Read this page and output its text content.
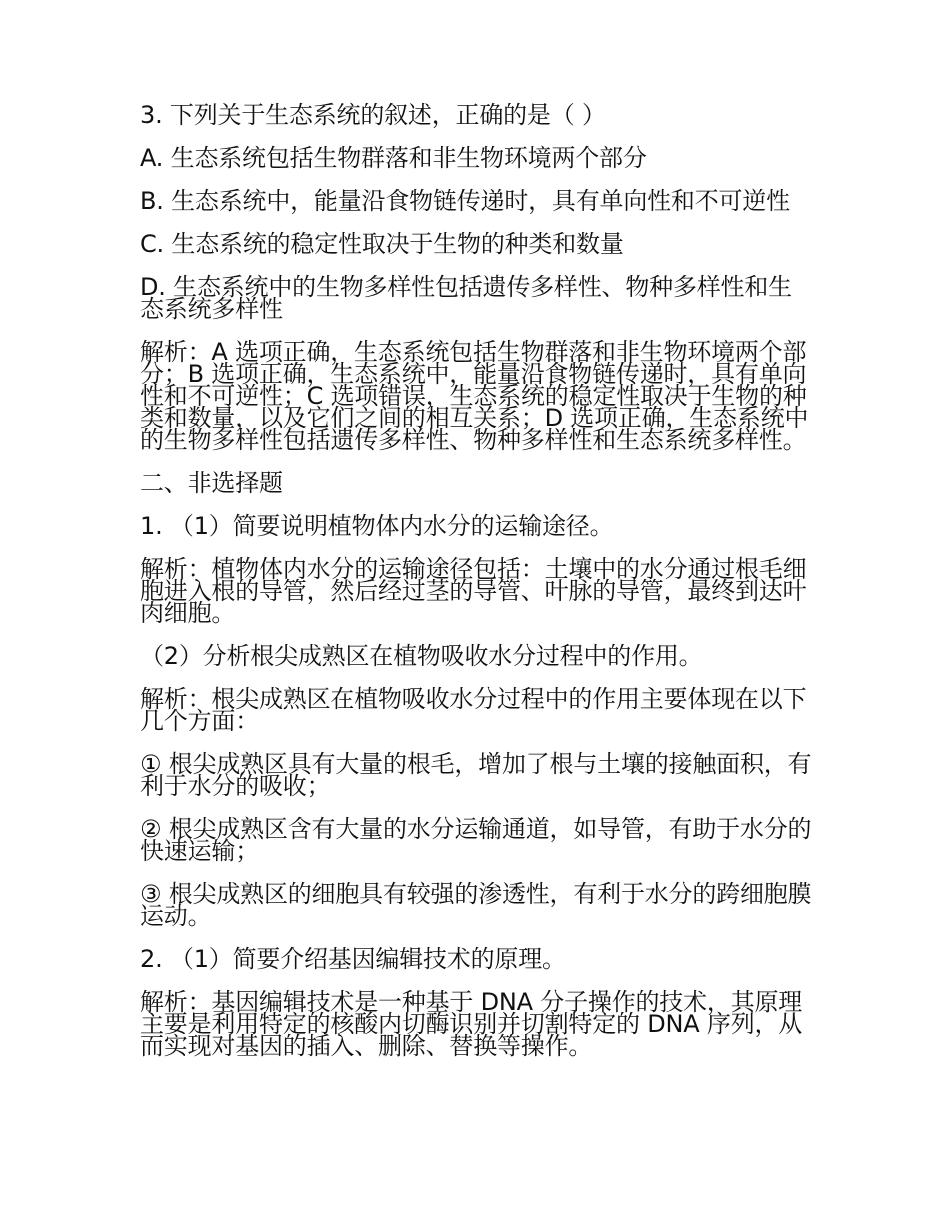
3. 下列关于生态系统的叙述，正确的是（ ）

A. 生态系统包括生物群落和非生物环境两个部分

B. 生态系统中，能量沿食物链传递时，具有单向性和不可逆性

C. 生态系统的稳定性取决于生物的种类和数量

D. 生态系统中的生物多样性包括遗传多样性、物种多样性和生态系统多样性

解析：A 选项正确，生态系统包括生物群落和非生物环境两个部分；B 选项正确，生态系统中，能量沿食物链传递时，具有单向性和不可逆性；C 选项错误，生态系统的稳定性取决于生物的种类和数量，以及它们之间的相互关系；D 选项正确，生态系统中的生物多样性包括遗传多样性、物种多样性和生态系统多样性。

二、非选择题

1. （1）简要说明植物体内水分的运输途径。

解析：植物体内水分的运输途径包括：土壤中的水分通过根毛细胞进入根的导管，然后经过茎的导管、叶脉的导管，最终到达叶肉细胞。

（2）分析根尖成熟区在植物吸收水分过程中的作用。

解析：根尖成熟区在植物吸收水分过程中的作用主要体现在以下几个方面：

① 根尖成熟区具有大量的根毛，增加了根与土壤的接触面积，有利于水分的吸收；

② 根尖成熟区含有大量的水分运输通道，如导管，有助于水分的快速运输；

③ 根尖成熟区的细胞具有较强的渗透性，有利于水分的跨细胞膜运动。

2. （1）简要介绍基因编辑技术的原理。

解析：基因编辑技术是一种基于 DNA 分子操作的技术，其原理主要是利用特定的核酸内切酶识别并切割特定的 DNA 序列，从而实现对基因的插入、删除、替换等操作。
